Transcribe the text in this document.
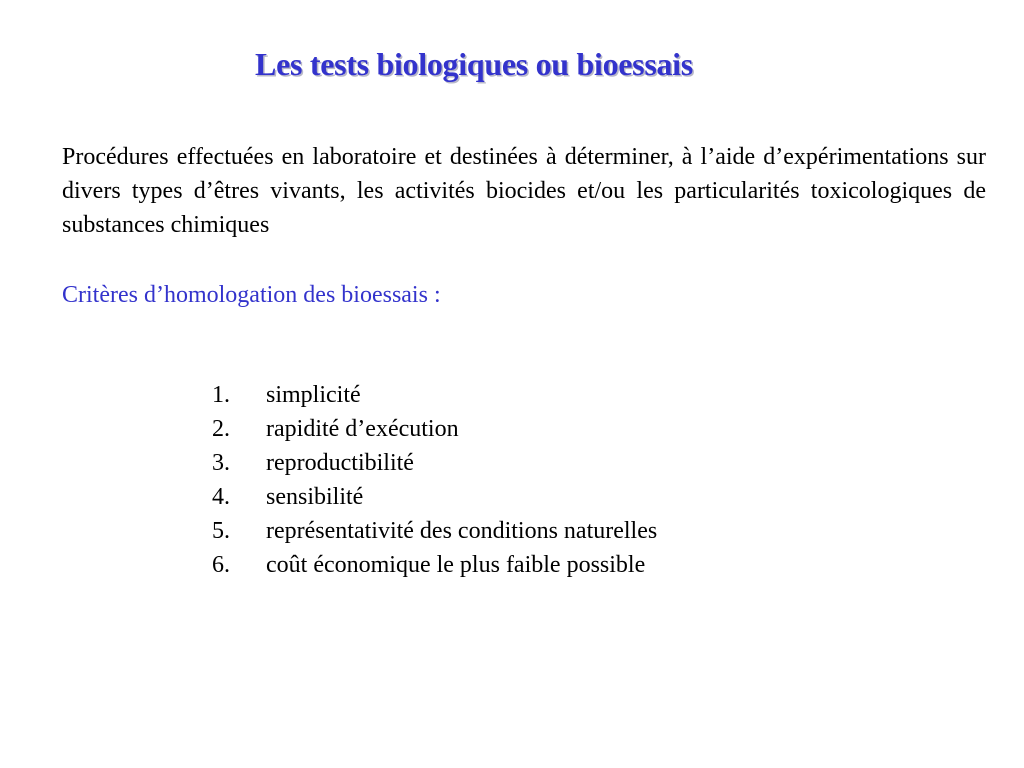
Les tests biologiques ou bioessais

Procédures effectuées en laboratoire et destinées à déterminer, à l’aide d’expérimentations sur divers types d’êtres vivants, les activités biocides et/ou les particularités toxicologiques de substances chimiques

Critères d’homologation des bioessais :

1.	simplicité
2.	rapidité d’exécution
3.	reproductibilité
4.	sensibilité
5.	représentativité des conditions naturelles
6.	coût économique le plus faible possible
